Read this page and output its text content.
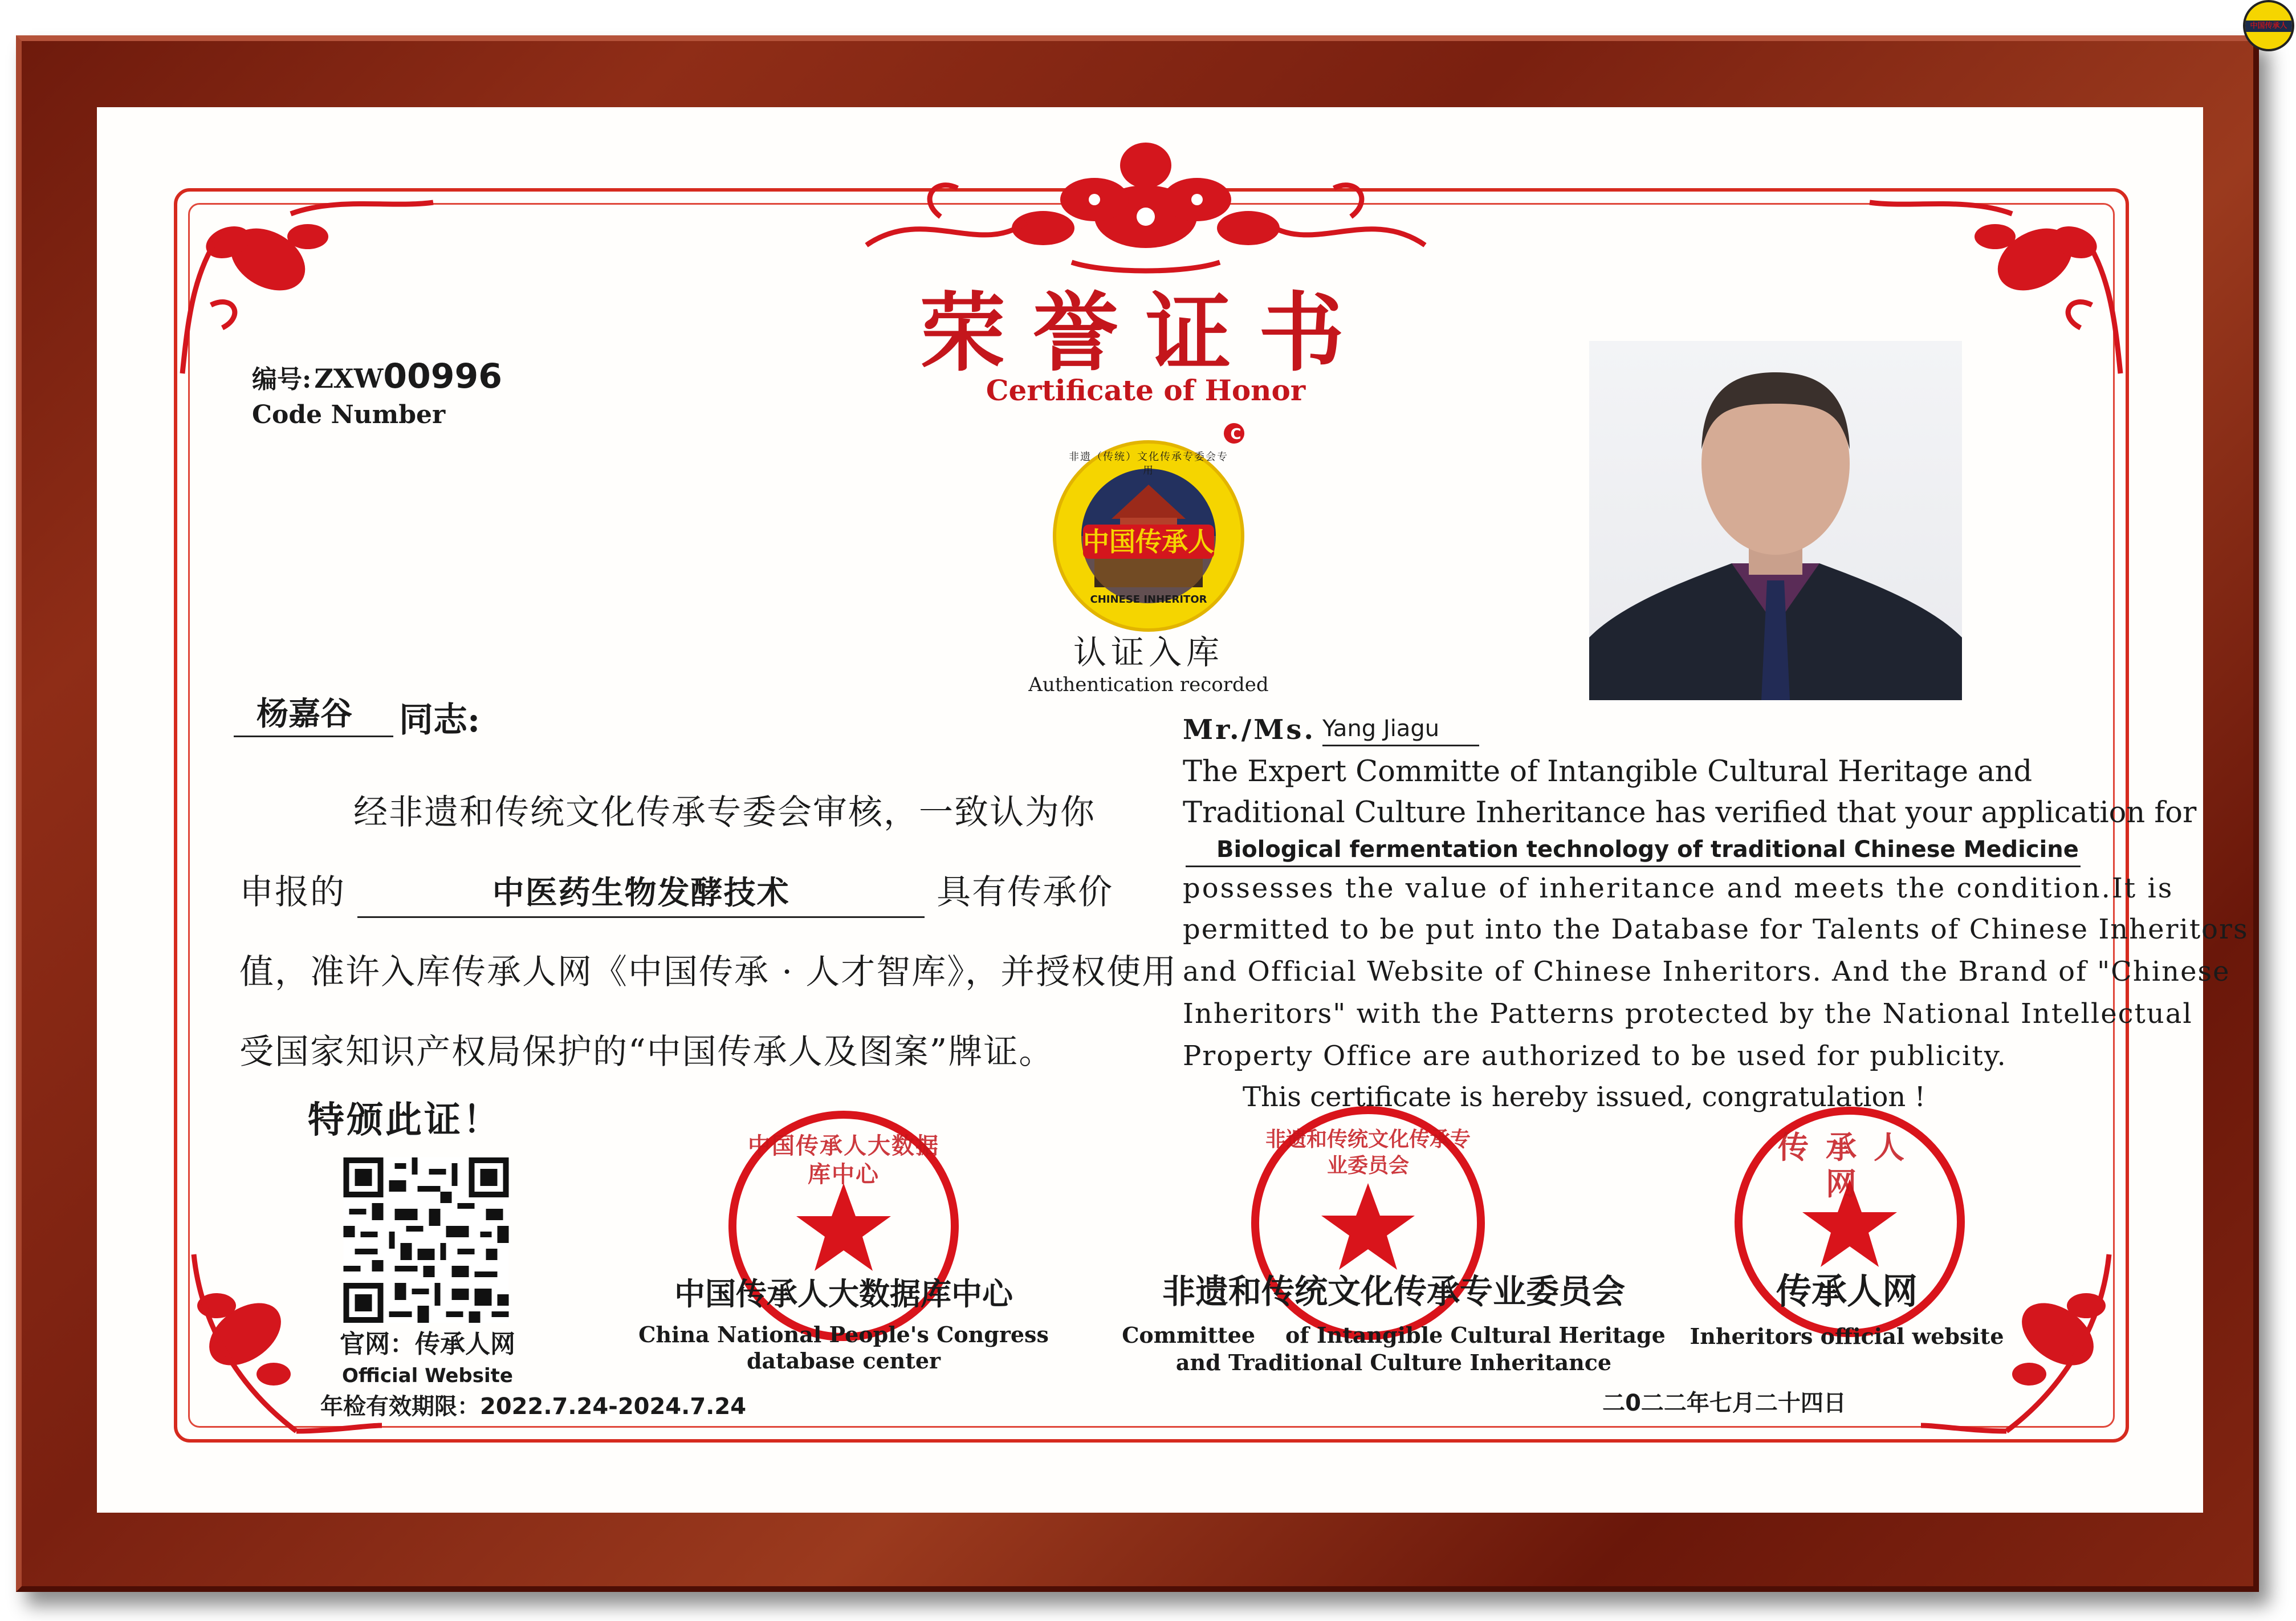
中国传承人
荣誉证书
Certificate of Honor
编号: ZXW00996
Code Number
中国传承人
C
非遗（传统）文化传承专委会专用
CHINESE INHERITOR
认证入库
Authentication recorded
杨嘉谷 同志:
经非遗和传统文化传承专委会审核，一致认为你
申报的	中医药生物发酵技术	具有传承价
值，准许入库传承人网《中国传承 · 人才智库》，并授权使用
受国家知识产权局保护的“中国传承人及图案”牌证。
特颁此证！
Mr./Ms. Yang Jiagu
The Expert Committe of Intangible Cultural Heritage and
Traditional Culture Inheritance has verified that your application for
Biological fermentation technology of traditional Chinese Medicine
possesses the value of inheritance and meets the condition.It is
permitted to be put into the Database for Talents of Chinese Inheritors
and Official Website of Chinese Inheritors. And the Brand of "Chinese
Inheritors" with the Patterns protected by the National Intellectual
Property Office are authorized to be used for publicity.
This certificate is hereby issued, congratulation !
官网：传承人网
Official Website
年检有效期限：2022.7.24-2024.7.24
中国传承人大数据库中心
非遗和传统文化传承专业委员会	传承人网
中国传承人大数据库中心
China National People's Congress
database center
非遗和传统文化传承专业委员会
Committee    of Intangible Cultural Heritage
and Traditional Culture Inheritance
传承人网
Inheritors official website
二0二二年七月二十四日
